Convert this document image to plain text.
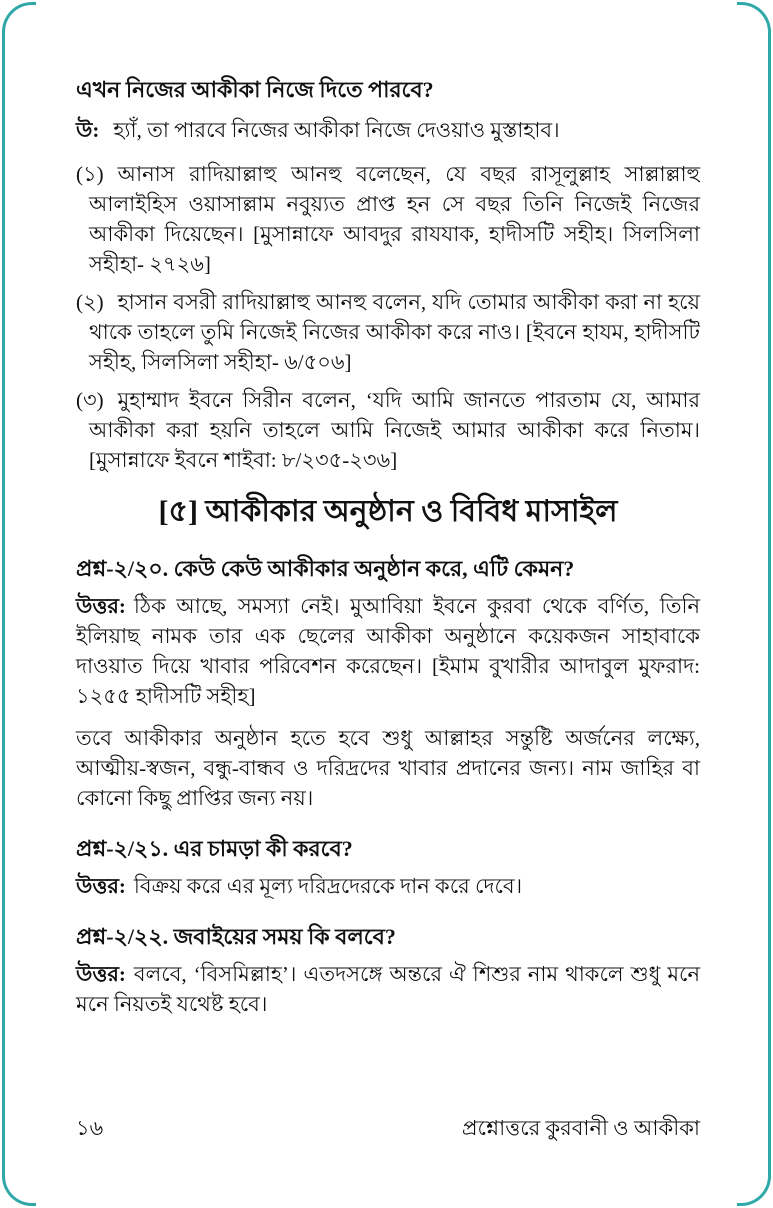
এখন নিজের আকীকা নিজে দিতে পারবে?
উ: হ্যাঁ, তা পারবে নিজের আকীকা নিজে দেওয়াও মুস্তাহাব।
(১) আনাস রাদিয়াল্লাহু আনহু বলেছেন, যে বছর রাসূলুল্লাহ সাল্লাল্লাহু আলাইহিস ওয়াসাল্লাম নবুয়্যত প্রাপ্ত হন সে বছর তিনি নিজেই নিজের আকীকা দিয়েছেন। [মুসান্নাফে আবদুর রাযযাক, হাদীসটি সহীহ। সিলসিলা সহীহা- ২৭২৬]
(২) হাসান বসরী রাদিয়াল্লাহু আনহু বলেন, যদি তোমার আকীকা করা না হয়ে থাকে তাহলে তুমি নিজেই নিজের আকীকা করে নাও। [ইবনে হাযম, হাদীসটি সহীহ, সিলসিলা সহীহা- ৬/৫০৬]
(৩) মুহাম্মাদ ইবনে সিরীন বলেন, ‘যদি আমি জানতে পারতাম যে, আমার আকীকা করা হয়নি তাহলে আমি নিজেই আমার আকীকা করে নিতাম। [মুসান্নাফে ইবনে শাইবা: ৮/২৩৫-২৩৬]
[৫] আকীকার অনুষ্ঠান ও বিবিধ মাসাইল
প্রশ্ন-২/২০. কেউ কেউ আকীকার অনুষ্ঠান করে, এটি কেমন?

উত্তর: ঠিক আছে, সমস্যা নেই। মুআবিয়া ইবনে কুরবা থেকে বর্ণিত, তিনি ইলিয়াছ নামক তার এক ছেলের আকীকা অনুষ্ঠানে কয়েকজন সাহাবাকে দাওয়াত দিয়ে খাবার পরিবেশন করেছেন। [ইমাম বুখারীর আদাবুল মুফরাদ: ১২৫৫ হাদীসটি সহীহ]

তবে আকীকার অনুষ্ঠান হতে হবে শুধু আল্লাহর সন্তুষ্টি অর্জনের লক্ষ্যে, আত্মীয়-স্বজন, বন্ধু-বান্ধব ও দরিদ্রদের খাবার প্রদানের জন্য। নাম জাহির বা কোনো কিছু প্রাপ্তির জন্য নয়।

প্রশ্ন-২/২১. এর চামড়া কী করবে?

উত্তর: বিক্রয় করে এর মূল্য দরিদ্রদেরকে দান করে দেবে।

প্রশ্ন-২/২২. জবাইয়ের সময় কি বলবে?

উত্তর: বলবে, ‘বিসমিল্লাহ’। এতদসঙ্গে অন্তরে ঐ শিশুর নাম থাকলে শুধু মনে মনে নিয়তই যথেষ্ট হবে।

১৬	প্রশ্নোত্তরে কুরবানী ও আকীকা
